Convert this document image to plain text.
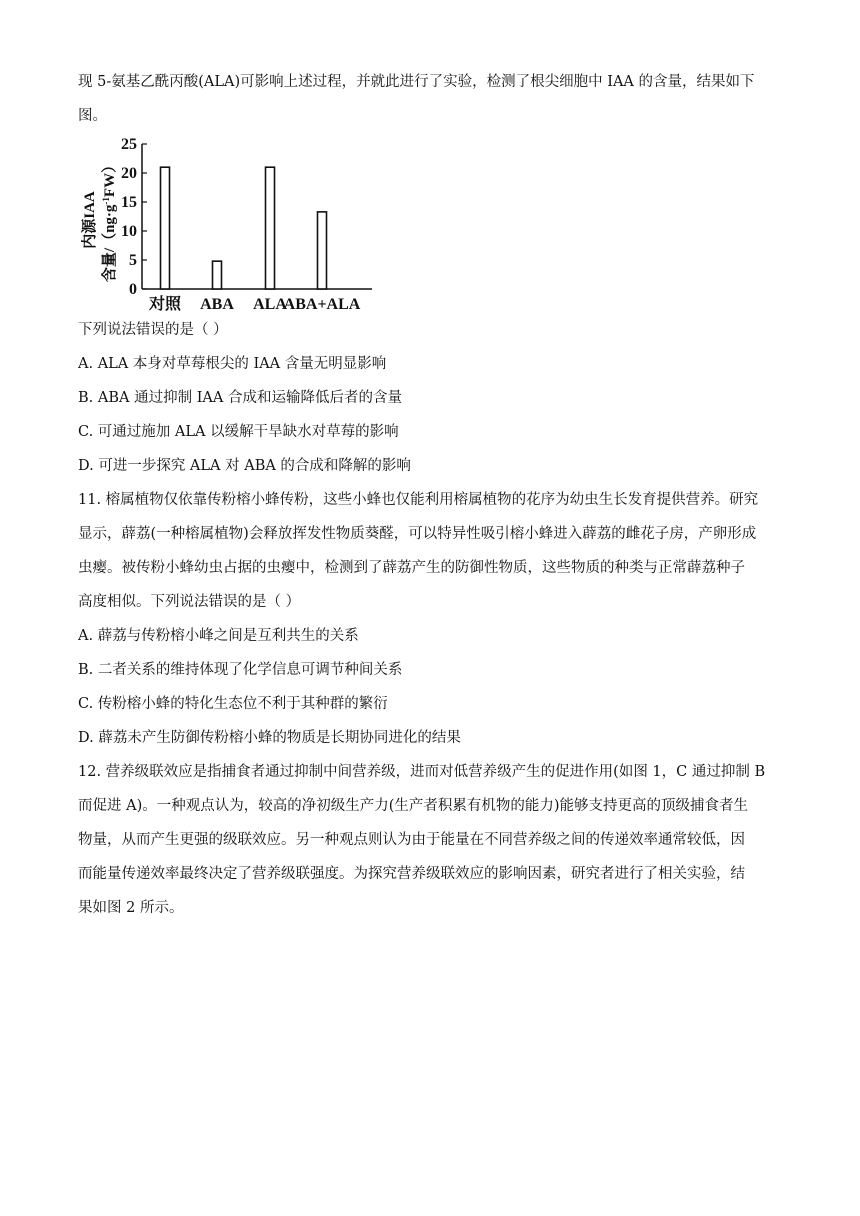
现 5-氨基乙酰丙酸(ALA)可影响上述过程，并就此进行了实验，检测了根尖细胞中 IAA 的含量，结果如下
图。
内源IAA 含量$/(ng\cdot g^{-1}FW)$
0
5
10
15
20
25
对照 ABA ALA
ABA+ALA
下列说法错误的是（ ）
A. ALA 本身对草莓根尖的 IAA 含量无明显影响
B. ABA 通过抑制 IAA 合成和运输降低后者的含量
C. 可通过施加 ALA 以缓解干旱缺水对草莓的影响
D. 可进一步探究 ALA 对 ABA 的合成和降解的影响
11. 榕属植物仅依靠传粉榕小蜂传粉，这些小蜂也仅能利用榕属植物的花序为幼虫生长发育提供营养。研究
显示，薜荔(一种榕属植物)会释放挥发性物质葵醛，可以特异性吸引榕小蜂进入薜荔的雌花子房，产卵形成
虫瘿。被传粉小蜂幼虫占据的虫瘿中，检测到了薜荔产生的防御性物质，这些物质的种类与正常薜荔种子
高度相似。下列说法错误的是（ ）
A. 薜荔与传粉榕小峰之间是互利共生的关系
B. 二者关系的维持体现了化学信息可调节种间关系
C. 传粉榕小蜂的特化生态位不利于其种群的繁衍
D. 薜荔未产生防御传粉榕小蜂的物质是长期协同进化的结果
12. 营养级联效应是指捕食者通过抑制中间营养级，进而对低营养级产生的促进作用(如图 1，C 通过抑制 B
而促进 A)。一种观点认为，较高的净初级生产力(生产者积累有机物的能力)能够支持更高的顶级捕食者生
物量，从而产生更强的级联效应。另一种观点则认为由于能量在不同营养级之间的传递效率通常较低，因
而能量传递效率最终决定了营养级联强度。为探究营养级联效应的影响因素，研究者进行了相关实验，结
果如图 2 所示。
